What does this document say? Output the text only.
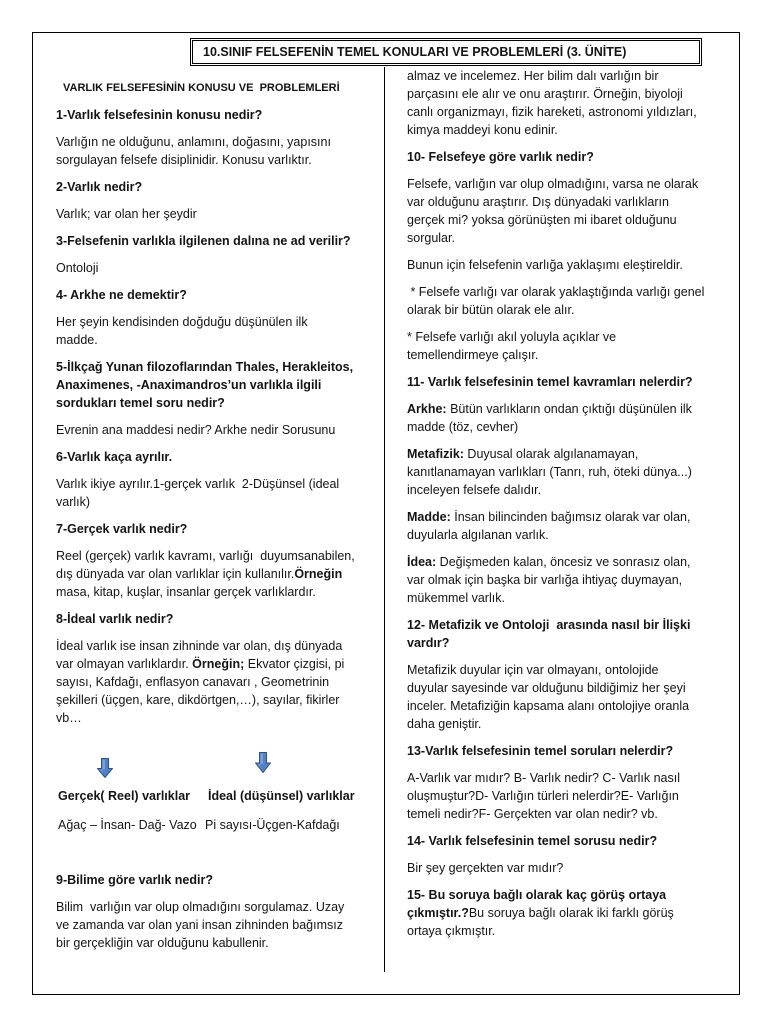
10.SINIF FELSEFENİN TEMEL KONULARI VE PROBLEMLERİ (3. ÜNİTE)
VARLIK FELSEFESİNİN KONUSU VE  PROBLEMLERİ
1-Varlık felsefesinin konusu nedir?
Varlığın ne olduğunu, anlamını, doğasını, yapısını
sorgulayan felsefe disiplinidir. Konusu varlıktır.
2-Varlık nedir?
Varlık; var olan her şeydir
3-Felsefenin varlıkla ilgilenen dalına ne ad verilir?
Ontoloji
4- Arkhe ne demektir?
Her şeyin kendisinden doğduğu düşünülen ilk
madde.
5-İlkçağ Yunan filozoflarından Thales, Herakleitos,
Anaximenes, -Anaximandros’un varlıkla ilgili
sordukları temel soru nedir?
Evrenin ana maddesi nedir? Arkhe nedir Sorusunu
6-Varlık kaça ayrılır.
Varlık ikiye ayrılır.1-gerçek varlık  2-Düşünsel (ideal
varlık)
7-Gerçek varlık nedir?
Reel (gerçek) varlık kavramı, varlığı  duyumsanabilen,
dış dünyada var olan varlıklar için kullanılır.Örneğin
masa, kitap, kuşlar, insanlar gerçek varlıklardır.
8-İdeal varlık nedir?
İdeal varlık ise insan zihninde var olan, dış dünyada
var olmayan varlıklardır. Örneğin; Ekvator çizgisi, pi
sayısı, Kafdağı, enflasyon canavarı , Geometrinin
şekilleri (üçgen, kare, dikdörtgen,…), sayılar, fikirler
vb…
Gerçek( Reel) varlıklar İdeal (düşünsel) varlıklar
Ağaç – İnsan- Dağ- Vazo Pi sayısı-Üçgen-Kafdağı
9-Bilime göre varlık nedir?
Bilim  varlığın var olup olmadığını sorgulamaz. Uzay
ve zamanda var olan yani insan zihninden bağımsız
bir gerçekliğin var olduğunu kabullenir.
almaz ve incelemez. Her bilim dalı varlığın bir
parçasını ele alır ve onu araştırır. Örneğin, biyoloji
canlı organizmayı, fizik hareketi, astronomi yıldızları,
kimya maddeyi konu edinir.
10- Felsefeye göre varlık nedir?
Felsefe, varlığın var olup olmadığını, varsa ne olarak
var olduğunu araştırır. Dış dünyadaki varlıkların
gerçek mi? yoksa görünüşten mi ibaret olduğunu
sorgular.
Bunun için felsefenin varlığa yaklaşımı eleştireldir.
* Felsefe varlığı var olarak yaklaştığında varlığı genel
olarak bir bütün olarak ele alır.
* Felsefe varlığı akıl yoluyla açıklar ve
temellendirmeye çalışır.
11- Varlık felsefesinin temel kavramları nelerdir?
Arkhe: Bütün varlıkların ondan çıktığı düşünülen ilk
madde (töz, cevher)
Metafizik: Duyusal olarak algılanamayan,
kanıtlanamayan varlıkları (Tanrı, ruh, öteki dünya...)
inceleyen felsefe dalıdır.
Madde: İnsan bilincinden bağımsız olarak var olan,
duyularla algılanan varlık.
İdea: Değişmeden kalan, öncesiz ve sonrasız olan,
var olmak için başka bir varlığa ihtiyaç duymayan,
mükemmel varlık.
12- Metafizik ve Ontoloji  arasında nasıl bir İlişki
vardır?
Metafizik duyular için var olmayanı, ontolojide
duyular sayesinde var olduğunu bildiğimiz her şeyi
inceler. Metafiziğin kapsama alanı ontolojiye oranla
daha geniştir.
13-Varlık felsefesinin temel soruları nelerdir?
A-Varlık var mıdır? B- Varlık nedir? C- Varlık nasıl
oluşmuştur?D- Varlığın türleri nelerdir?E- Varlığın
temeli nedir?F- Gerçekten var olan nedir? vb.
14- Varlık felsefesinin temel sorusu nedir?
Bir şey gerçekten var mıdır?
15- Bu soruya bağlı olarak kaç görüş ortaya
çıkmıştır.?Bu soruya bağlı olarak iki farklı görüş
ortaya çıkmıştır.
